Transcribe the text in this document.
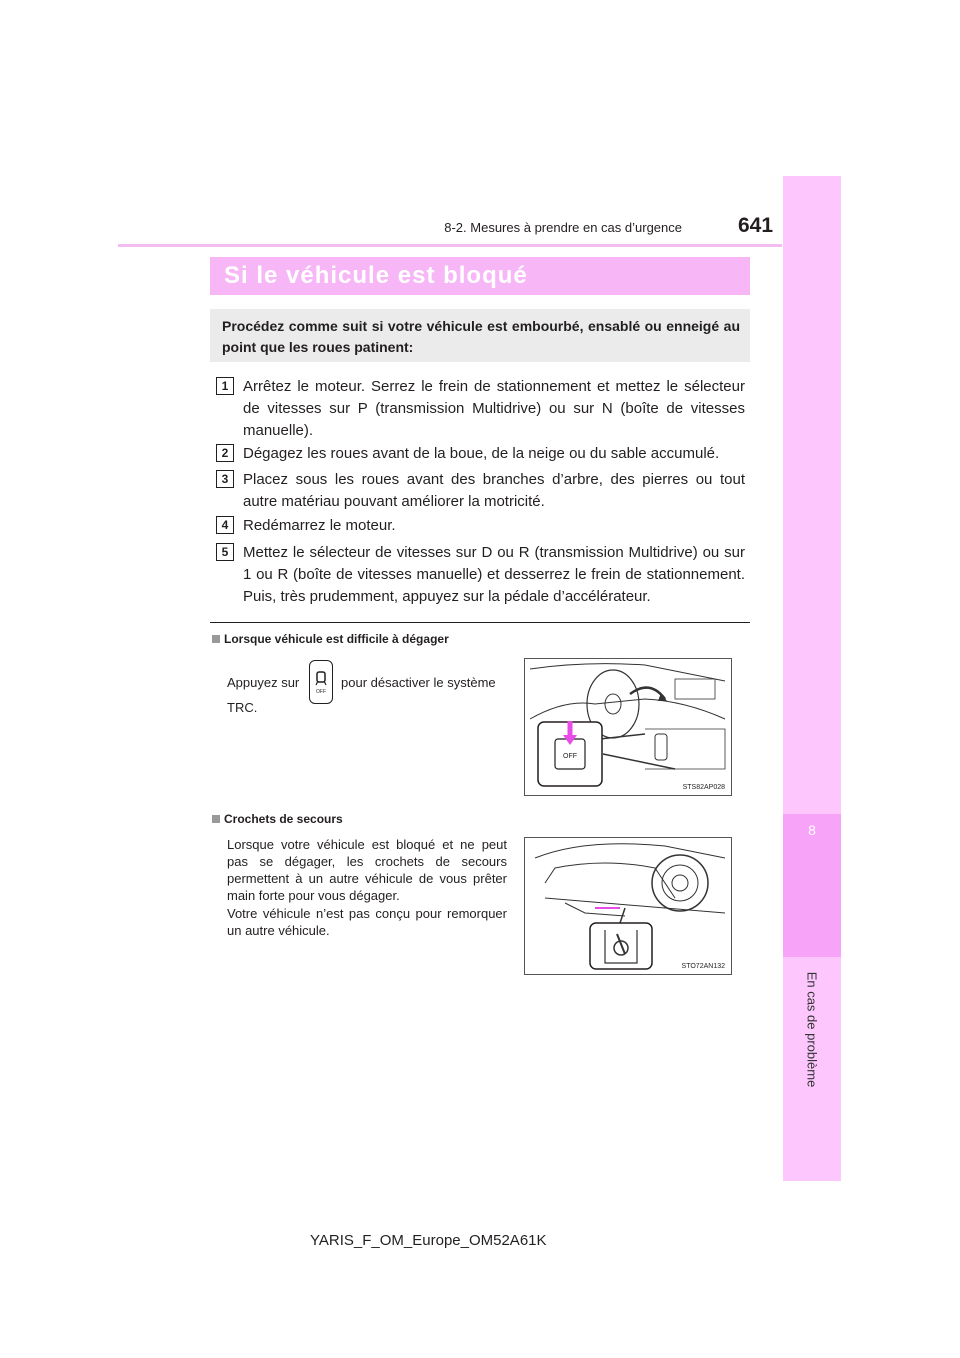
8
En cas de problème
8-2. Mesures à prendre en cas d’urgence	641
Si le véhicule est bloqué
Procédez comme suit si votre véhicule est embourbé, ensablé ou enneigé au point que les roues patinent:
1 Arrêtez le moteur. Serrez le frein de stationnement et mettez le sélecteur de vitesses sur P (transmission Multidrive) ou sur N (boîte de vitesses manuelle).
2 Dégagez les roues avant de la boue, de la neige ou du sable accumulé.
3 Placez sous les roues avant des branches d’arbre, des pierres ou tout autre matériau pouvant améliorer la motricité.
4 Redémarrez le moteur.
5 Mettez le sélecteur de vitesses sur D ou R (transmission Multidrive) ou sur 1 ou R (boîte de vitesses manuelle) et desserrez le frein de stationnement. Puis, très prudemment, appuyez sur la pédale d’accélérateur.
Lorsque véhicule est difficile à dégager
Appuyez sur
OFF
pour désactiver le système
TRC.
OFF
STS82AP028
Crochets de secours
Lorsque votre véhicule est bloqué et ne peut pas se dégager, les crochets de secours permettent à un autre véhicule de vous prêter main forte pour vous dégager.
Votre véhicule n’est pas conçu pour remorquer un autre véhicule.
STO72AN132
YARIS_F_OM_Europe_OM52A61K
